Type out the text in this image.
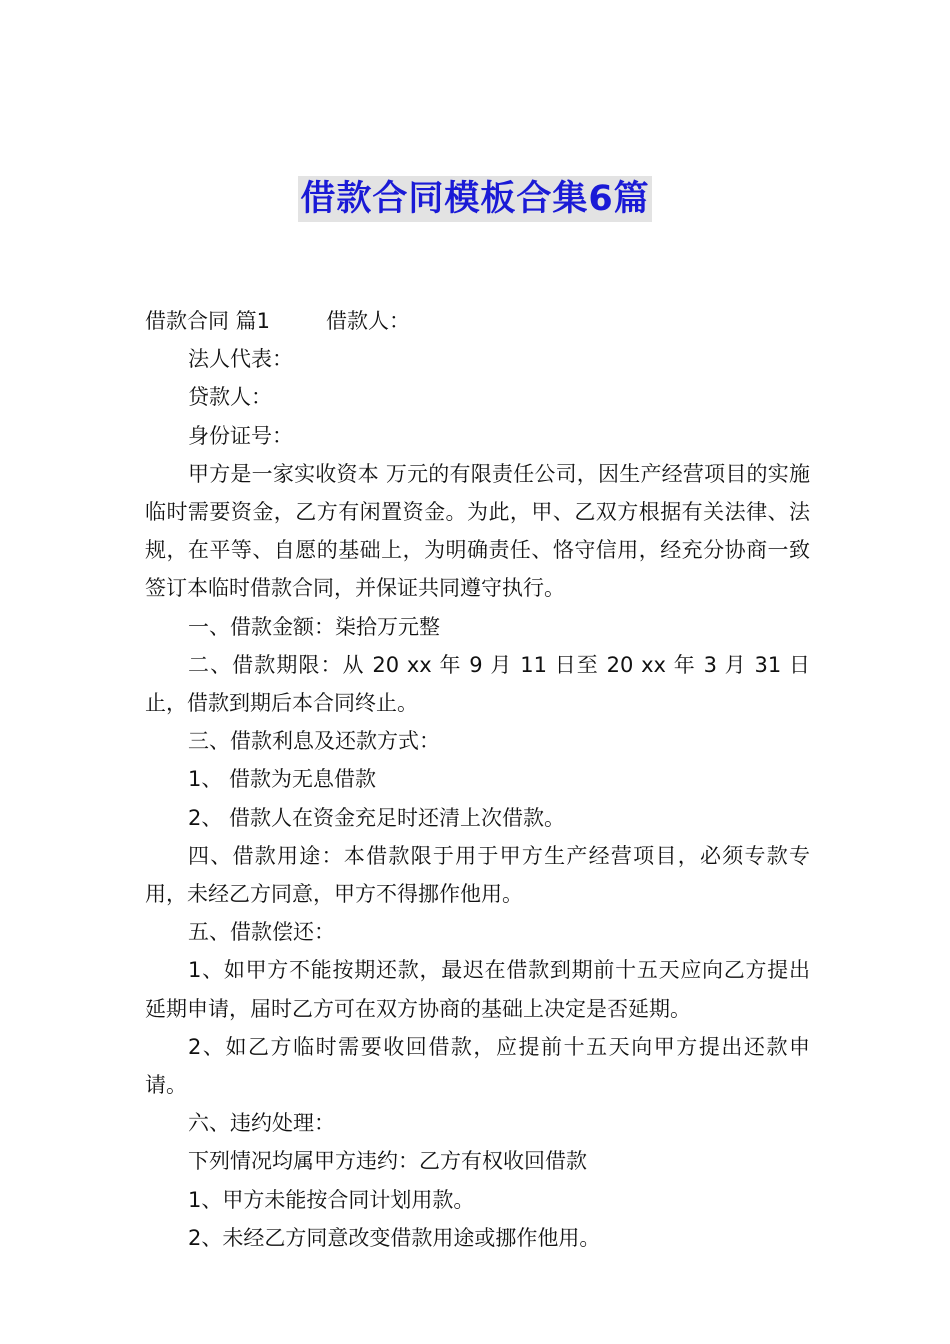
借款合同模板合集6篇

借款合同 篇1	借款人：

法人代表：

贷款人：

身份证号：

甲方是一家实收资本 万元的有限责任公司，因生产经营项目的实施临时需要资金，乙方有闲置资金。为此，甲、乙双方根据有关法律、法规，在平等、自愿的基础上，为明确责任、恪守信用，经充分协商一致签订本临时借款合同，并保证共同遵守执行。

一、借款金额：柒拾万元整

二、借款期限：从 20 xx 年 9 月 11 日至 20 xx 年 3 月 31 日止，借款到期后本合同终止。

三、借款利息及还款方式：

1、 借款为无息借款

2、 借款人在资金充足时还清上次借款。

四、借款用途：本借款限于用于甲方生产经营项目，必须专款专用，未经乙方同意，甲方不得挪作他用。

五、借款偿还：

1、如甲方不能按期还款，最迟在借款到期前十五天应向乙方提出延期申请，届时乙方可在双方协商的基础上决定是否延期。

2、如乙方临时需要收回借款，应提前十五天向甲方提出还款申请。

六、违约处理：

下列情况均属甲方违约：乙方有权收回借款

1、甲方未能按合同计划用款。

2、未经乙方同意改变借款用途或挪作他用。
